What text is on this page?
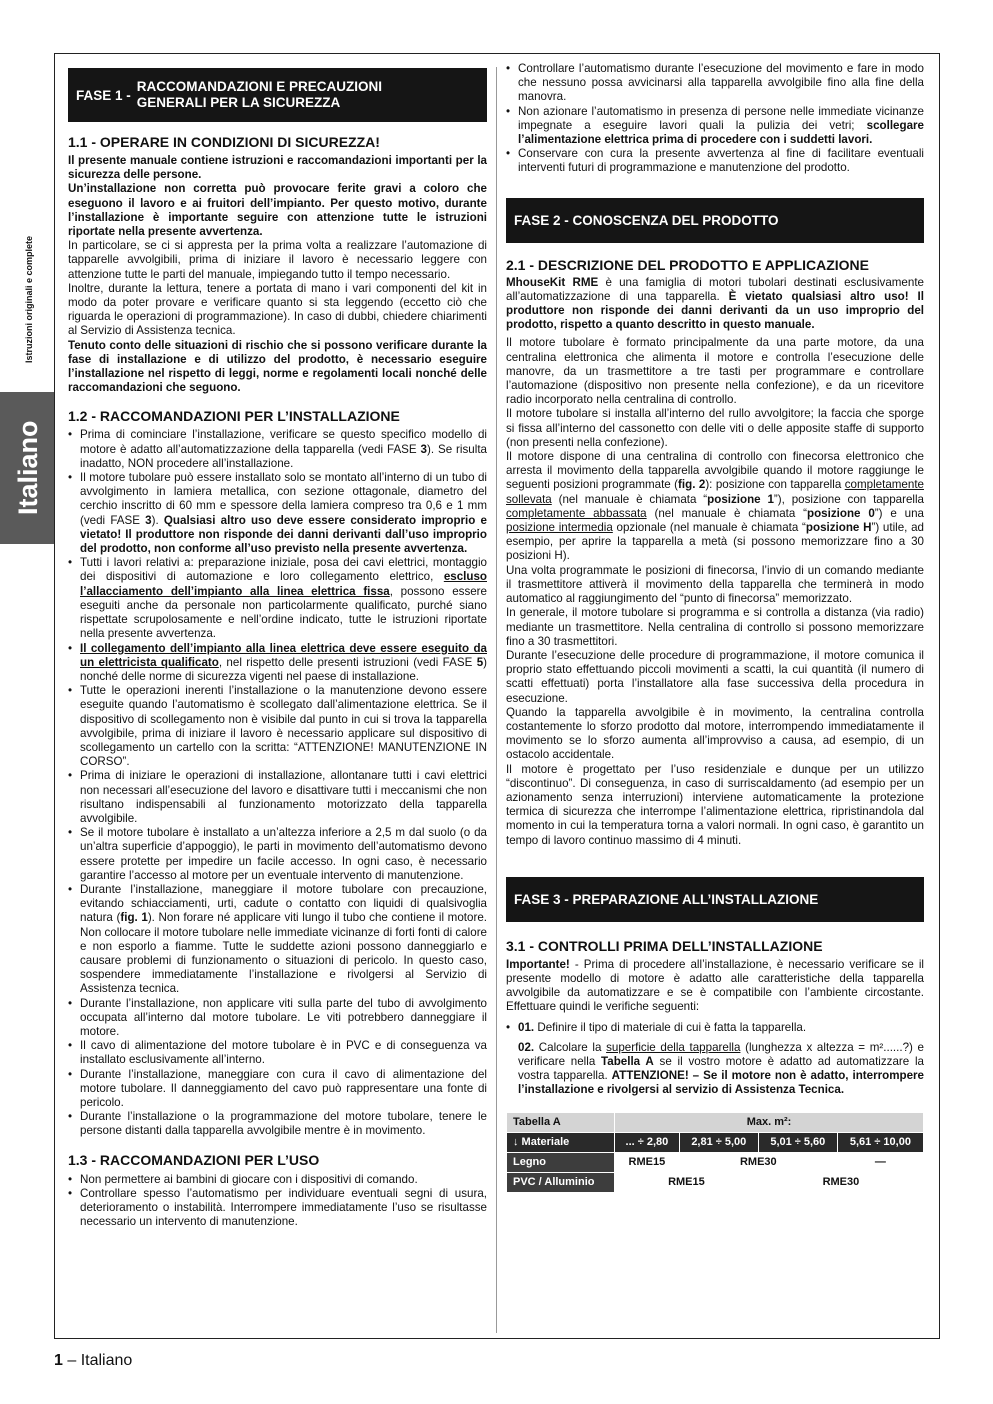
Istruzioni originali e complete
Italiano
FASE 1 -
RACCOMANDAZIONI E PRECAUZIONI
GENERALI PER LA SICUREZZA
1.1 - OPERARE IN CONDIZIONI DI SICUREZZA!

Il presente manuale contiene istruzioni e raccomandazioni importanti per la sicurezza delle persone.

Un’installazione non corretta può provocare ferite gravi a coloro che eseguono il lavoro e ai fruitori dell’impianto. Per questo motivo, durante l’installazione è importante seguire con attenzione tutte le istruzioni riportate nella presente avvertenza.

In particolare, se ci si appresta per la prima volta a realizzare l’automazione di tapparelle avvolgibili, prima di iniziare il lavoro è necessario leggere con attenzione tutte le parti del manuale, impiegando tutto il tempo necessario.

Inoltre, durante la lettura, tenere a portata di mano i vari componenti del kit in modo da poter provare e verificare quanto si sta leggendo (eccetto ciò che riguarda le operazioni di programmazione). In caso di dubbi, chiedere chiarimenti al Servizio di Assistenza tecnica.

Tenuto conto delle situazioni di rischio che si possono verificare durante la fase di installazione e di utilizzo del prodotto, è necessario eseguire l’installazione nel rispetto di leggi, norme e regolamenti locali nonché delle raccomandazioni che seguono.

1.2 - RACCOMANDAZIONI PER L’INSTALLAZIONE
• Prima di cominciare l’installazione, verificare se questo specifico modello di motore è adatto all’automatizzazione della tapparella (vedi FASE 3). Se risulta inadatto, NON procedere all’installazione.
• Il motore tubolare può essere installato solo se montato all’interno di un tubo di avvolgimento in lamiera metallica, con sezione ottagonale, diametro del cerchio inscritto di 60 mm e spessore della lamiera compreso tra 0,6 e 1 mm (vedi FASE 3). Qualsiasi altro uso deve essere considerato improprio e vietato! Il produttore non risponde dei danni derivanti dall’uso improprio del prodotto, non conforme all’uso previsto nella presente avvertenza.
• Tutti i lavori relativi a: preparazione iniziale, posa dei cavi elettrici, montaggio dei dispositivi di automazione e loro collegamento elettrico, escluso l’allacciamento dell’impianto alla linea elettrica fissa, possono essere eseguiti anche da personale non particolarmente qualificato, purché siano rispettate scrupolosamente e nell’ordine indicato, tutte le istruzioni riportate nella presente avvertenza.
• Il collegamento dell’impianto alla linea elettrica deve essere eseguito da un elettricista qualificato, nel rispetto delle presenti istruzioni (vedi FASE 5) nonché delle norme di sicurezza vigenti nel paese di installazione.
• Tutte le operazioni inerenti l’installazione o la manutenzione devono essere eseguite quando l’automatismo è scollegato dall’alimentazione elettrica. Se il dispositivo di scollegamento non è visibile dal punto in cui si trova la tapparella avvolgibile, prima di iniziare il lavoro è necessario applicare sul dispositivo di scollegamento un cartello con la scritta: “ATTENZIONE! MANUTENZIONE IN CORSO”.
• Prima di iniziare le operazioni di installazione, allontanare tutti i cavi elettrici non necessari all’esecuzione del lavoro e disattivare tutti i meccanismi che non risultano indispensabili al funzionamento motorizzato della tapparella avvolgibile.
• Se il motore tubolare è installato a un’altezza inferiore a 2,5 m dal suolo (o da un’altra superficie d’appoggio), le parti in movimento dell’automatismo devono essere protette per impedire un facile accesso. In ogni caso, è necessario garantire l’accesso al motore per un eventuale intervento di manutenzione.
• Durante l’installazione, maneggiare il motore tubolare con precauzione, evitando schiacciamenti, urti, cadute o contatto con liquidi di qualsivoglia natura (fig. 1). Non forare né applicare viti lungo il tubo che contiene il motore. Non collocare il motore tubolare nelle immediate vicinanze di forti fonti di calore e non esporlo a fiamme. Tutte le suddette azioni possono danneggiarlo e causare problemi di funzionamento o situazioni di pericolo. In questo caso, sospendere immediatamente l’installazione e rivolgersi al Servizio di Assistenza tecnica.
• Durante l’installazione, non applicare viti sulla parte del tubo di avvolgimento occupata all’interno dal motore tubolare. Le viti potrebbero danneggiare il motore.
• Il cavo di alimentazione del motore tubolare è in PVC e di conseguenza va installato esclusivamente all’interno.
• Durante l’installazione, maneggiare con cura il cavo di alimentazione del motore tubolare. Il danneggiamento del cavo può rappresentare una fonte di pericolo.
• Durante l’installazione o la programmazione del motore tubolare, tenere le persone distanti dalla tapparella avvolgibile mentre è in movimento.
1.3 - RACCOMANDAZIONI PER L’USO
• Non permettere ai bambini di giocare con i dispositivi di comando.
• Controllare spesso l’automatismo per individuare eventuali segni di usura, deterioramento o instabilità. Interrompere immediatamente l’uso se risultasse necessario un intervento di manutenzione.
• Controllare l’automatismo durante l’esecuzione del movimento e fare in modo che nessuno possa avvicinarsi alla tapparella avvolgibile fino alla fine della manovra.
• Non azionare l’automatismo in presenza di persone nelle immediate vicinanze impegnate a eseguire lavori quali la pulizia dei vetri; scollegare l’alimentazione elettrica prima di procedere con i suddetti lavori.
• Conservare con cura la presente avvertenza al fine di facilitare eventuali interventi futuri di programmazione e manutenzione del prodotto.
FASE 2 - CONOSCENZA DEL PRODOTTO
2.1 - DESCRIZIONE DEL PRODOTTO E APPLICAZIONE

MhouseKit RME è una famiglia di motori tubolari destinati esclusivamente all’automatizzazione di una tapparella. È vietato qualsiasi altro uso! Il produttore non risponde dei danni derivanti da un uso improprio del prodotto, rispetto a quanto descritto in questo manuale.

Il motore tubolare è formato principalmente da una parte motore, da una centralina elettronica che alimenta il motore e controlla l’esecuzione delle manovre, da un trasmettitore a tre tasti per programmare e controllare l’automazione (dispositivo non presente nella confezione), e da un ricevitore radio incorporato nella centralina di controllo.

Il motore tubolare si installa all’interno del rullo avvolgitore; la faccia che sporge si fissa all’interno del cassonetto con delle viti o delle apposite staffe di supporto (non presenti nella confezione).

Il motore dispone di una centralina di controllo con finecorsa elettronico che arresta il movimento della tapparella avvolgibile quando il motore raggiunge le seguenti posizioni programmate (fig. 2): posizione con tapparella completamente sollevata (nel manuale è chiamata “posizione 1”), posizione con tapparella completamente abbassata (nel manuale è chiamata “posizione 0”) e una posizione intermedia opzionale (nel manuale è chiamata “posizione H”) utile, ad esempio, per aprire la tapparella a metà (si possono memorizzare fino a 30 posizioni H).

Una volta programmate le posizioni di finecorsa, l’invio di un comando mediante il trasmettitore attiverà il movimento della tapparella che terminerà in modo automatico al raggiungimento del “punto di finecorsa” memorizzato.

In generale, il motore tubolare si programma e si controlla a distanza (via radio) mediante un trasmettitore. Nella centralina di controllo si possono memorizzare fino a 30 trasmettitori.

Durante l’esecuzione delle procedure di programmazione, il motore comunica il proprio stato effettuando piccoli movimenti a scatti, la cui quantità (il numero di scatti effettuati) porta l’installatore alla fase successiva della procedura in esecuzione.

Quando la tapparella avvolgibile è in movimento, la centralina controlla costantemente lo sforzo prodotto dal motore, interrompendo immediatamente il movimento se lo sforzo aumenta all’improvviso a causa, ad esempio, di un ostacolo accidentale.

Il motore è progettato per l’uso residenziale e dunque per un utilizzo “discontinuo”. Di conseguenza, in caso di surriscaldamento (ad esempio per un azionamento senza interruzioni) interviene automaticamente la protezione termica di sicurezza che interrompe l’alimentazione elettrica, ripristinandola dal momento in cui la temperatura torna a valori normali. In ogni caso, è garantito un tempo di lavoro continuo massimo di 4 minuti.

FASE 3 - PREPARAZIONE ALL’INSTALLAZIONE
3.1 - CONTROLLI PRIMA DELL’INSTALLAZIONE

Importante! - Prima di procedere all’installazione, è necessario verificare se il presente modello di motore è adatto alle caratteristiche della tapparella avvolgibile da automatizzare e se è compatibile con l’ambiente circostante. Effettuare quindi le verifiche seguenti:

• 01. Definire il tipo di materiale di cui è fatta la tapparella.
02. Calcolare la superficie della tapparella (lunghezza x altezza = m²......?) e verificare nella Tabella A se il vostro motore è adatto ad automatizzare la vostra tapparella. ATTENZIONE! – Se il motore non è adatto, interrompere l’installazione e rivolgersi al servizio di Assistenza Tecnica.
Tabella A	Max. m²:			
↓ Materiale	... ÷ 2,80	2,81 ÷ 5,00	5,01 ÷ 5,60	5,61 ÷ 10,00
Legno	RME15	RME30		—
PVC / Alluminio	RME15		RME30	
1 – Italiano
